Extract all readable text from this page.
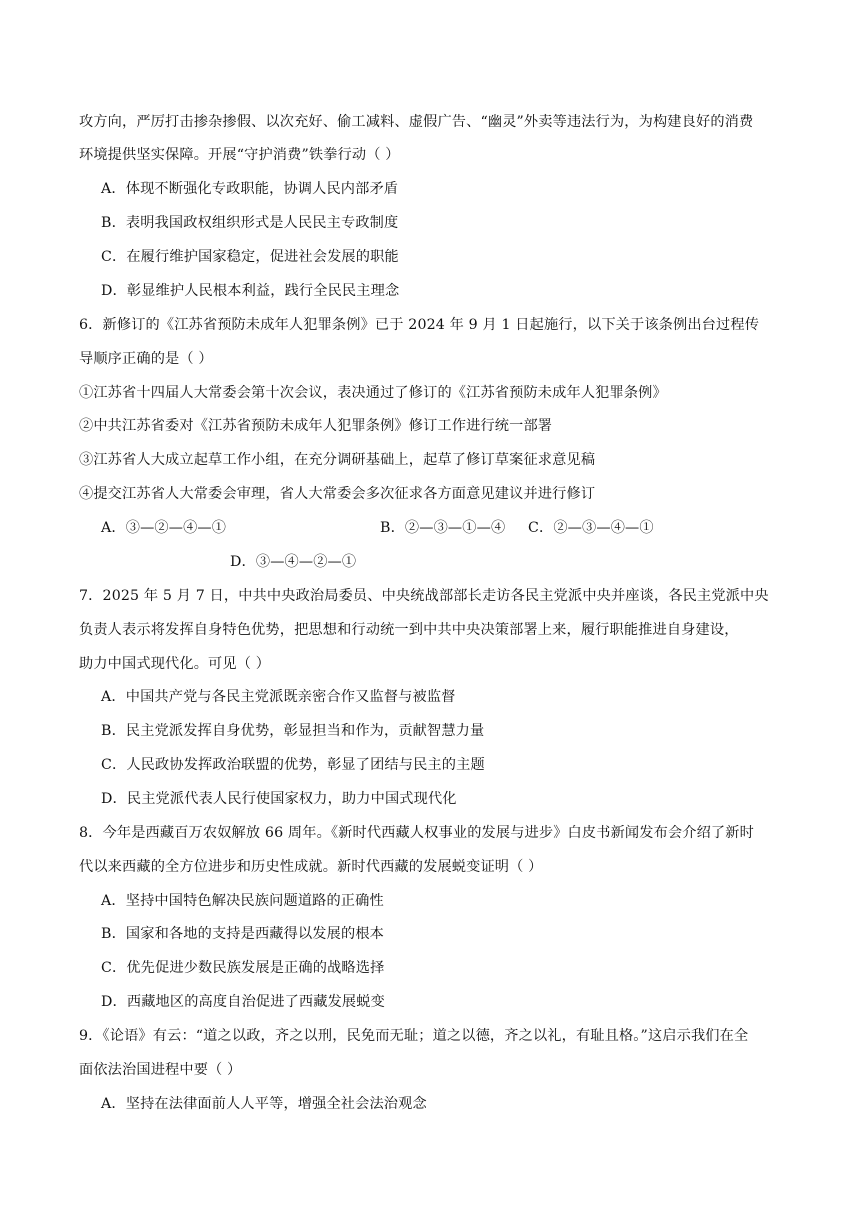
攻方向，严厉打击掺杂掺假、以次充好、偷工减料、虚假广告、“幽灵”外卖等违法行为，为构建良好的消费
环境提供坚实保障。开展“守护消费”铁拳行动（ ）
A．体现不断强化专政职能，协调人民内部矛盾
B．表明我国政权组织形式是人民民主专政制度
C．在履行维护国家稳定，促进社会发展的职能
D．彰显维护人民根本利益，践行全民民主理念
6．新修订的《江苏省预防未成年人犯罪条例》已于 2024 年 9 月 1 日起施行，以下关于该条例出台过程传
导顺序正确的是（ ）
①江苏省十四届人大常委会第十次会议，表决通过了修订的《江苏省预防未成年人犯罪条例》
②中共江苏省委对《江苏省预防未成年人犯罪条例》修订工作进行统一部署
③江苏省人大成立起草工作小组，在充分调研基础上，起草了修订草案征求意见稿
④提交江苏省人大常委会审理，省人大常委会多次征求各方面意见建议并进行修订
A．③—②—④—①	B．②—③—①—④ C．②—③—④—①
D．③—④—②—①
7．2025 年 5 月 7 日，中共中央政治局委员、中央统战部部长走访各民主党派中央并座谈，各民主党派中央
负责人表示将发挥自身特色优势，把思想和行动统一到中共中央决策部署上来，履行职能推进自身建设，
助力中国式现代化。可见（ ）
A．中国共产党与各民主党派既亲密合作又监督与被监督
B．民主党派发挥自身优势，彰显担当和作为，贡献智慧力量
C．人民政协发挥政治联盟的优势，彰显了团结与民主的主题
D．民主党派代表人民行使国家权力，助力中国式现代化
8．今年是西藏百万农奴解放 66 周年。《新时代西藏人权事业的发展与进步》白皮书新闻发布会介绍了新时
代以来西藏的全方位进步和历史性成就。新时代西藏的发展蜕变证明（ ）
A．坚持中国特色解决民族问题道路的正确性
B．国家和各地的支持是西藏得以发展的根本
C．优先促进少数民族发展是正确的战略选择
D．西藏地区的高度自治促进了西藏发展蜕变
9．《论语》有云：“道之以政，齐之以刑，民免而无耻；道之以德，齐之以礼，有耻且格。”这启示我们在全
面依法治国进程中要（ ）
A．坚持在法律面前人人平等，增强全社会法治观念
